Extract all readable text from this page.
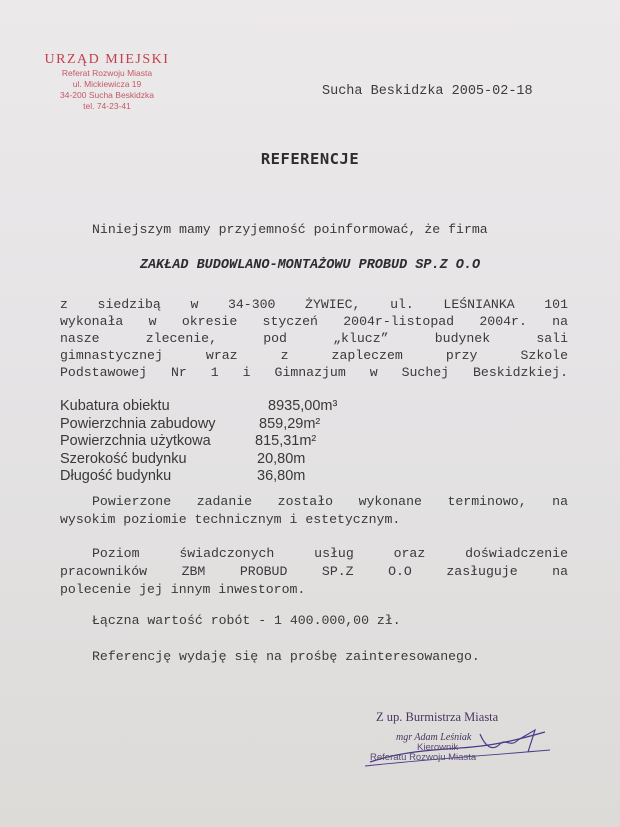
URZĄD MIEJSKI
Referat Rozwoju Miasta
ul. Mickiewicza 19
34-200 Sucha Beskidzka
tel. 74-23-41
Sucha Beskidzka 2005-02-18
REFERENCJE
Niniejszym mamy przyjemność poinformować, że firma
ZAKŁAD BUDOWLANO-MONTAŻOWU PROBUD SP.Z O.O
z siedzibą w 34-300 ŻYWIEC, ul. LEŚNIANKA 101
wykonała w okresie styczeń 2004r-listopad 2004r. na
nasze zlecenie, pod „klucz” budynek sali
gimnastycznej wraz z zapleczem przy Szkole
Podstawowej Nr 1 i Gimnazjum w Suchej Beskidzkiej.
Kubatura obiektu	8935,00m³
Powierzchnia zabudowy	859,29m²
Powierzchnia użytkowa	815,31m²
Szerokość budynku	20,80m
Długość budynku	36,80m
Powierzone zadanie zostało wykonane terminowo, na
wysokim poziomie technicznym i estetycznym.
Poziom świadczonych usług oraz doświadczenie
pracowników ZBM PROBUD SP.Z O.O zasługuje na
polecenie jej innym inwestorom.
Łączna wartość robót - 1 400.000,00 zł.
Referencję wydaję się na prośbę zainteresowanego.
Z up. Burmistrza Miasta
mgr Adam Leśniak
Kierownik
Referatu Rozwoju Miasta
